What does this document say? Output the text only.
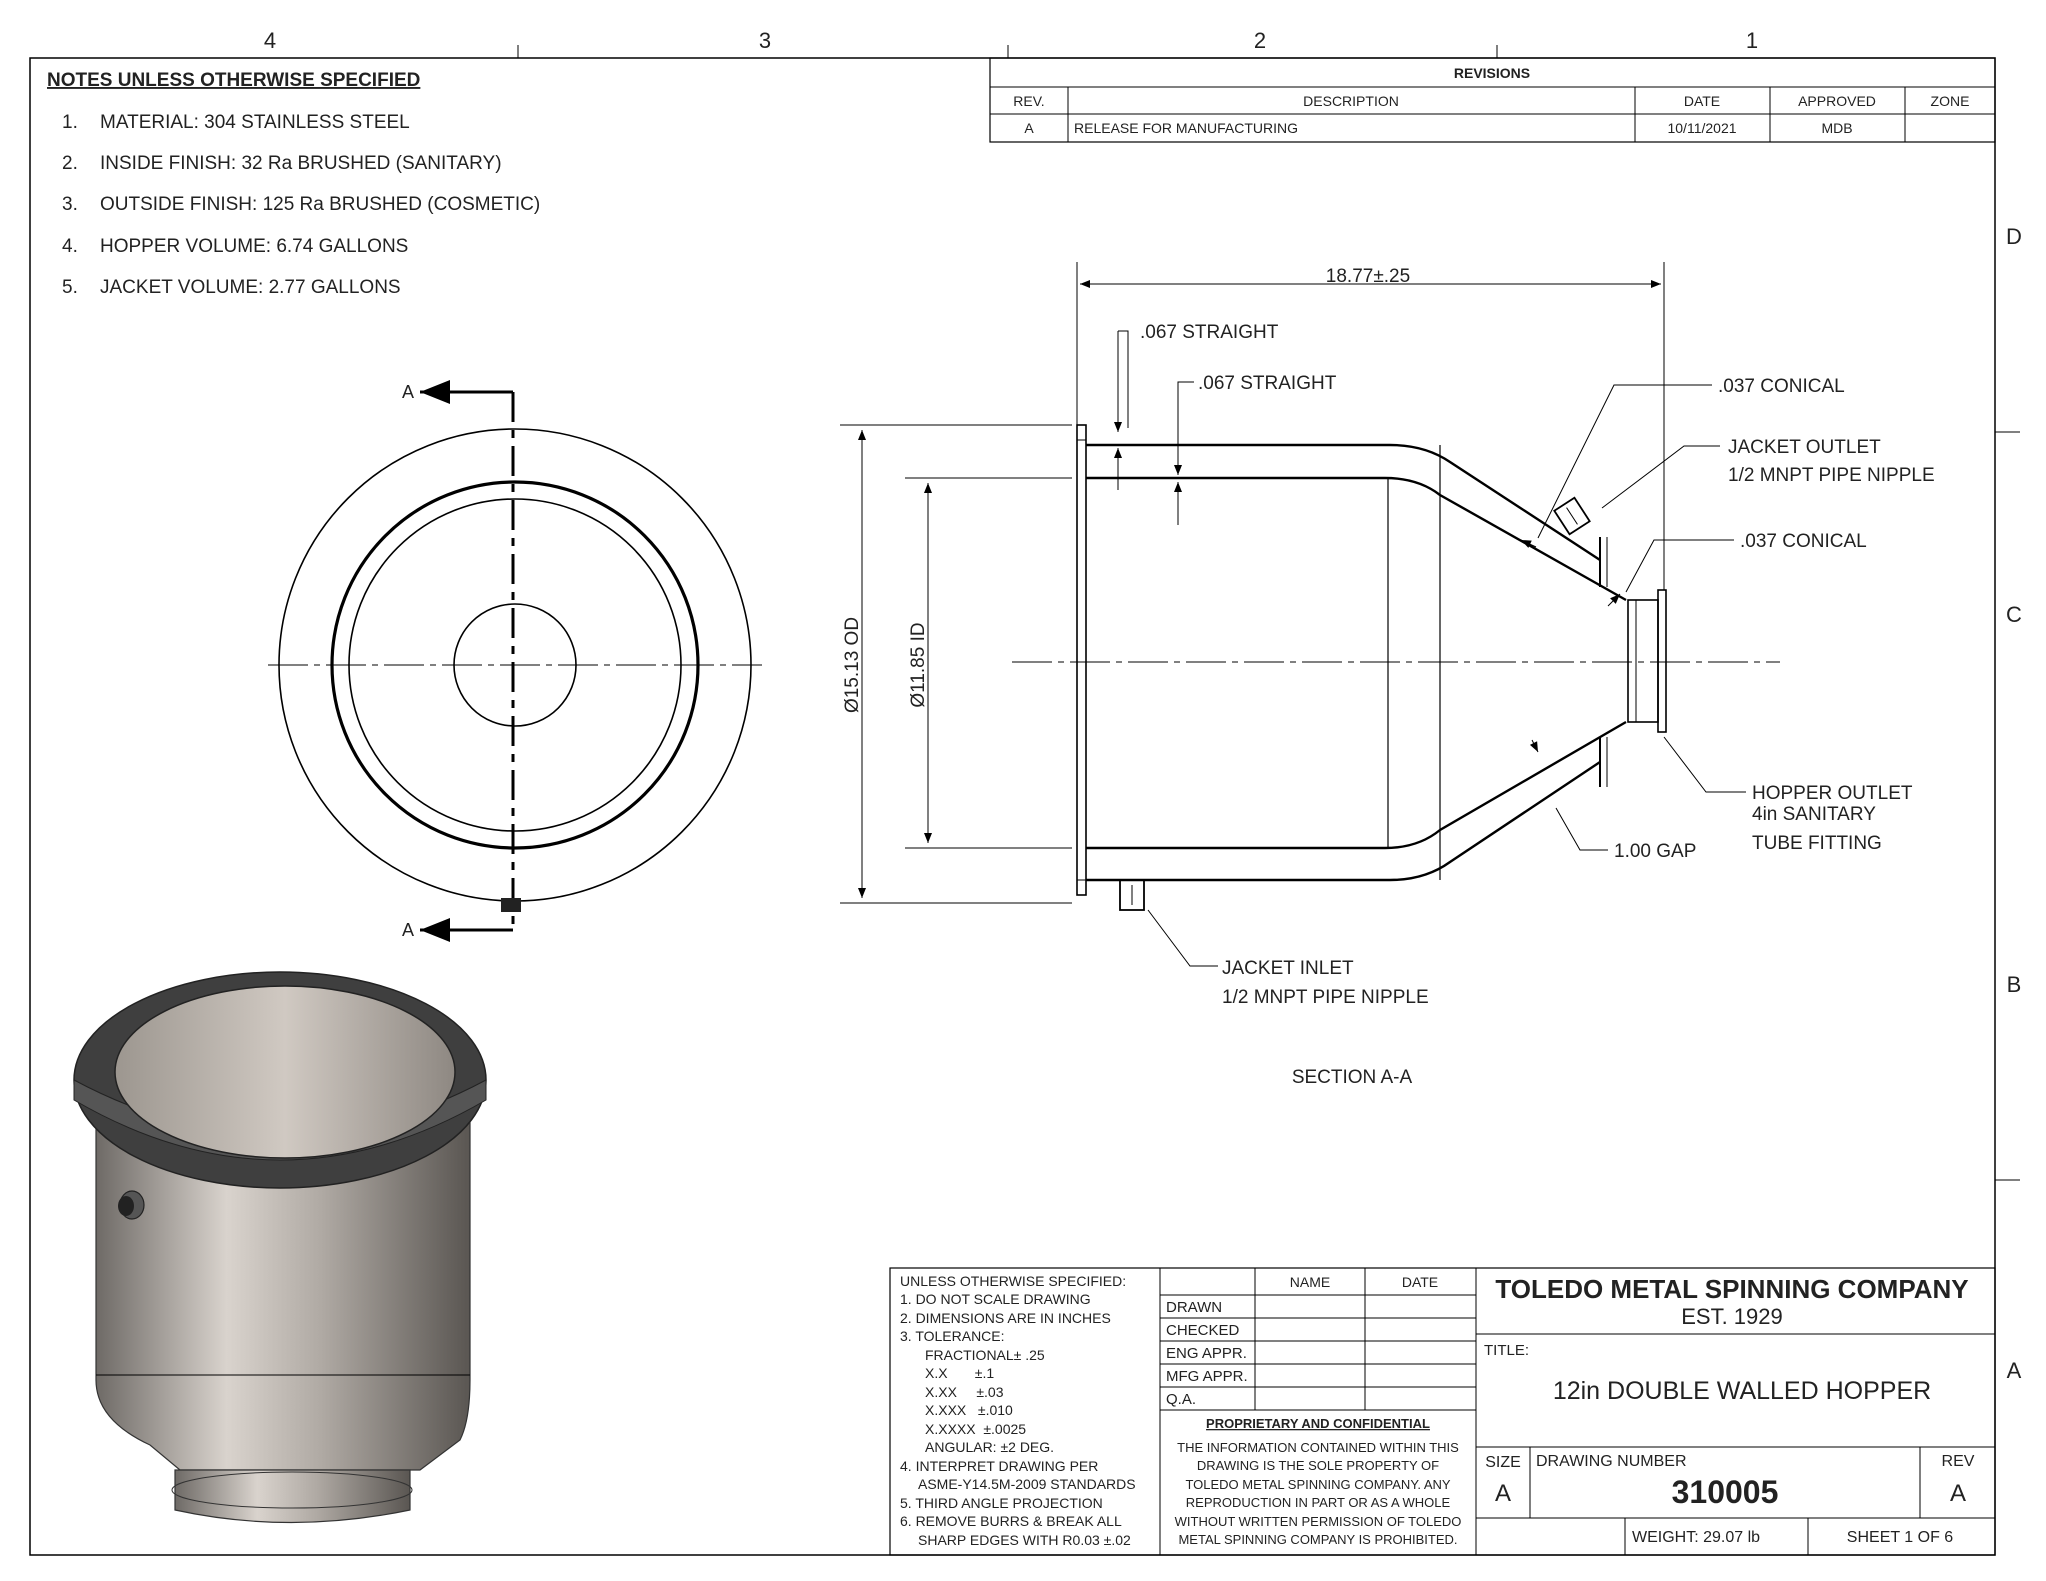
4	3	2	1
D
C
B
A
NOTES UNLESS OTHERWISE SPECIFIED
1. MATERIAL: 304 STAINLESS STEEL
2. INSIDE FINISH: 32 Ra BRUSHED (SANITARY)
3. OUTSIDE FINISH: 125 Ra BRUSHED (COSMETIC)
4. HOPPER VOLUME: 6.74 GALLONS
5. JACKET VOLUME: 2.77 GALLONS
REVISIONS
REV.	DESCRIPTION	DATE	APPROVED	ZONE
A	RELEASE FOR MANUFACTURING	10/11/2021	MDB
A
A
18.77±.25
.067 STRAIGHT
.067 STRAIGHT	.037 CONICAL
.037 CONICAL
Ø15.13 OD Ø11.85 ID
1.00 GAP
JACKET OUTLET
1/2 MNPT PIPE NIPPLE
HOPPER OUTLET
4in SANITARY
TUBE FITTING
JACKET INLET
1/2 MNPT PIPE NIPPLE
SECTION A-A
UNLESS OTHERWISE SPECIFIED:
1. DO NOT SCALE DRAWING
2. DIMENSIONS ARE IN INCHES
3. TOLERANCE:
FRACTIONAL± .25
X.X       ±.1
X.XX     ±.03
X.XXX   ±.010
X.XXXX  ±.0025
ANGULAR: ±2 DEG.
4. INTERPRET DRAWING PER
ASME-Y14.5M-2009 STANDARDS
5. THIRD ANGLE PROJECTION
6. REMOVE BURRS & BREAK ALL
SHARP EDGES WITH R0.03 ±.02
NAME	DATE
DRAWN
CHECKED
ENG APPR.
MFG APPR.
Q.A.
PROPRIETARY AND CONFIDENTIAL
THE INFORMATION CONTAINED WITHIN THIS
DRAWING IS THE SOLE PROPERTY OF
TOLEDO METAL SPINNING COMPANY. ANY
REPRODUCTION IN PART OR AS A WHOLE
WITHOUT WRITTEN PERMISSION OF TOLEDO
METAL SPINNING COMPANY IS PROHIBITED.
TOLEDO METAL SPINNING COMPANY
EST. 1929
TITLE:
12in DOUBLE WALLED HOPPER
SIZE
A
DRAWING NUMBER
310005
REV
A
WEIGHT: 29.07 lb	SHEET 1 OF 6
